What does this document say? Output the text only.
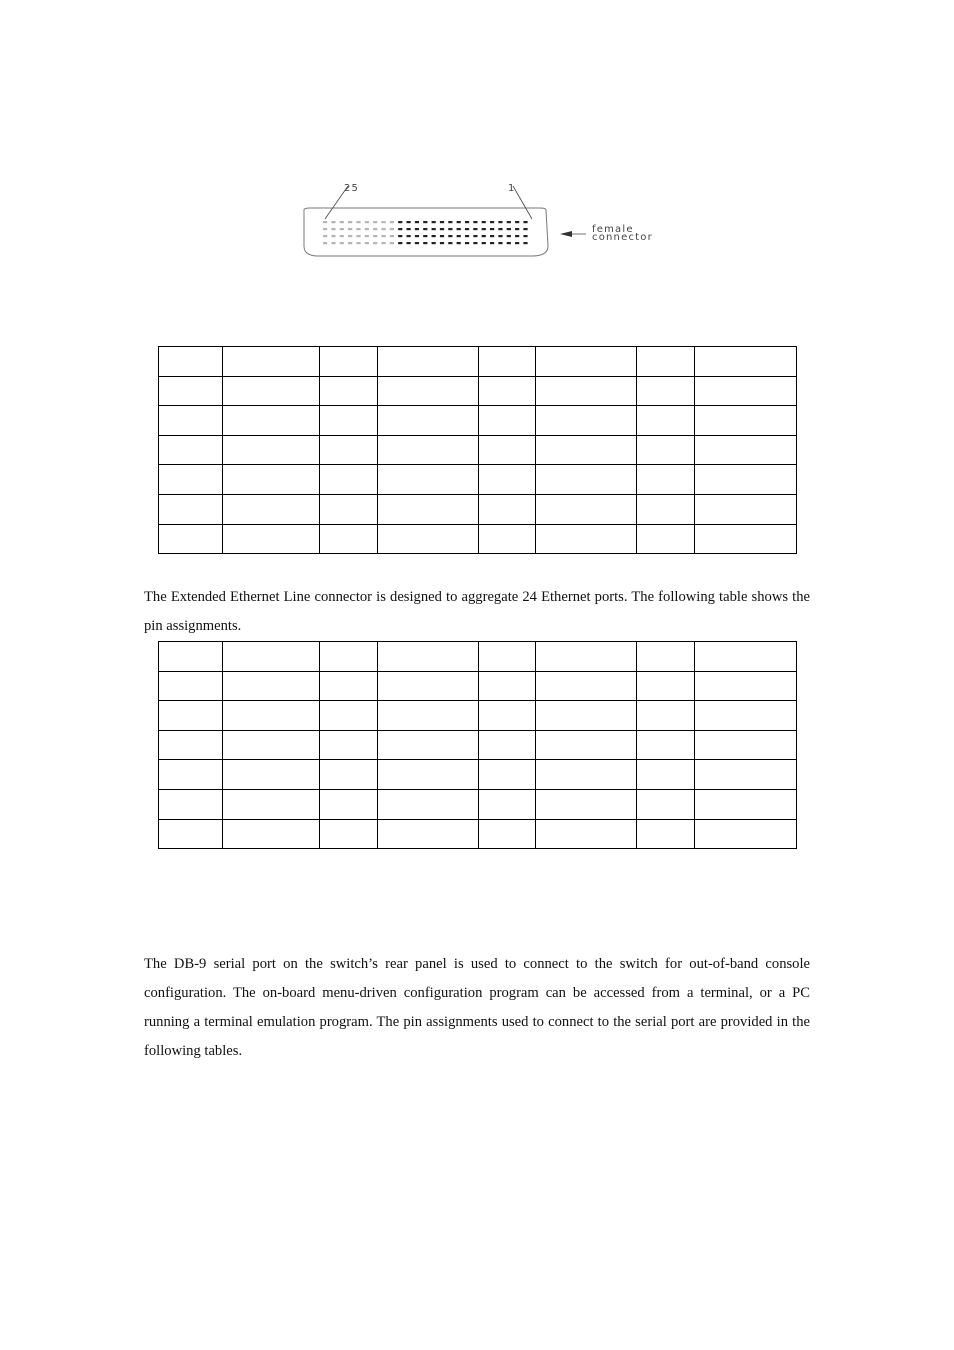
25	1
female
connector

The Extended Ethernet Line connector is designed to aggregate 24 Ethernet ports. The following table shows the pin assignments.

The DB-9 serial port on the switch’s rear panel is used to connect to the switch for out-of-band console configuration. The on-board menu-driven configuration program can be accessed from a terminal, or a PC running a terminal emulation program. The pin assignments used to connect to the serial port are provided in the following tables.
